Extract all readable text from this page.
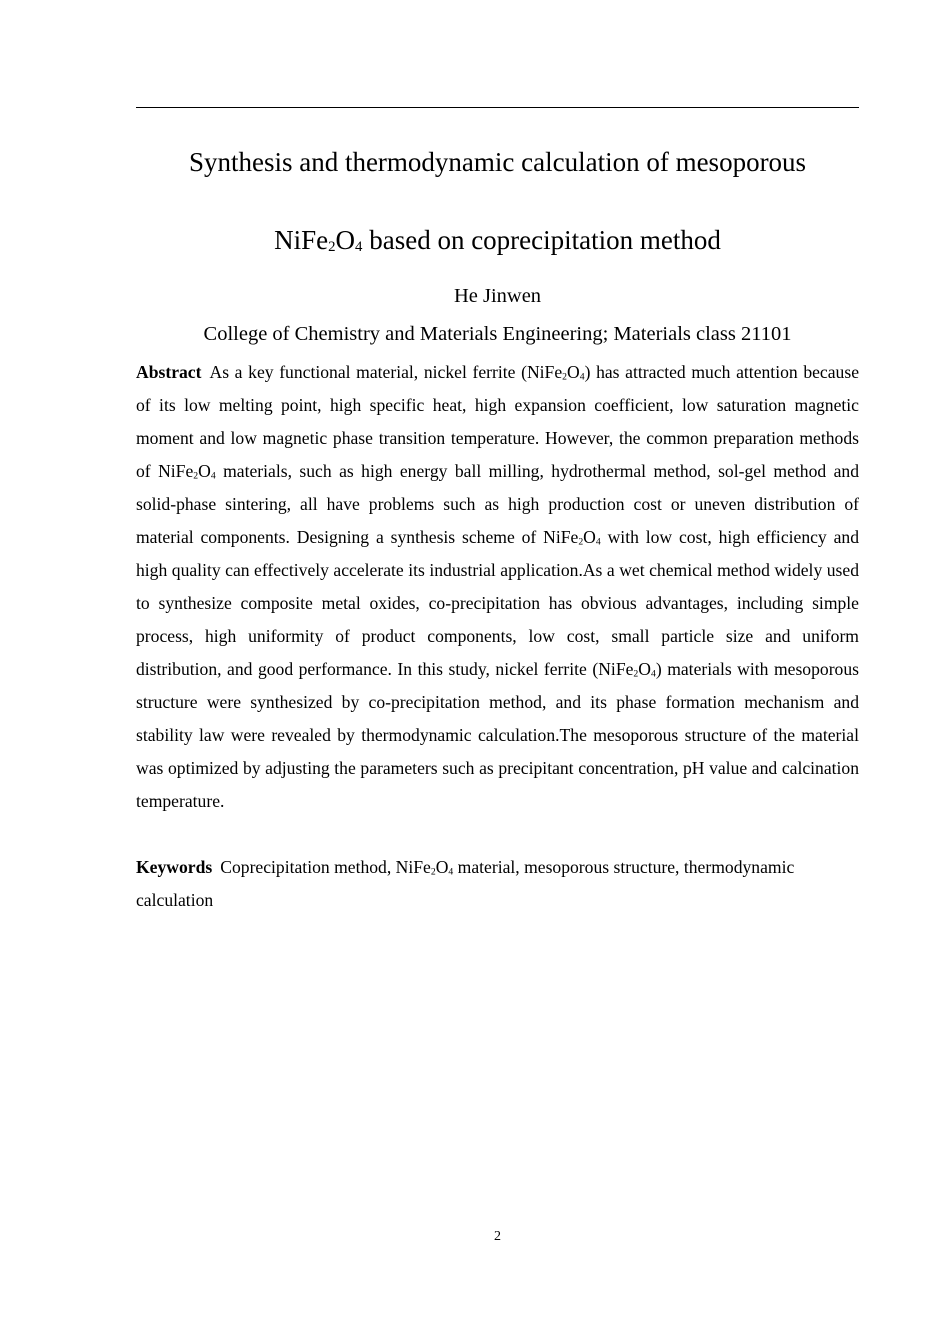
Synthesis and thermodynamic calculation of mesoporous
$NiFe_2O_4$ based on coprecipitation method
He Jinwen
College of Chemistry and Materials Engineering; Materials class 21101

Abstract As a key functional material, nickel ferrite $(NiFe_2O_4)$ has attracted much attention because of its low melting point, high specific heat, high expansion coefficient, low saturation magnetic moment and low magnetic phase transition temperature. However, the common preparation methods of $NiFe_2O_4$ materials, such as high energy ball milling, hydrothermal method, sol-gel method and solid-phase sintering, all have problems such as high production cost or uneven distribution of material components. Designing a synthesis scheme of $NiFe_2O_4$ with low cost, high efficiency and high quality can effectively accelerate its industrial application.As a wet chemical method widely used to synthesize composite metal oxides, co-precipitation has obvious advantages, including simple process, high uniformity of product components, low cost, small particle size and uniform distribution, and good performance. In this study, nickel ferrite $(NiFe_2O_4)$ materials with mesoporous structure were synthesized by co-precipitation method, and its phase formation mechanism and stability law were revealed by thermodynamic calculation.The mesoporous structure of the material was optimized by adjusting the parameters such as precipitant concentration, pH value and calcination temperature.

Keywords Coprecipitation method, $NiFe_2O_4$ material, mesoporous structure, thermodynamic calculation

2
